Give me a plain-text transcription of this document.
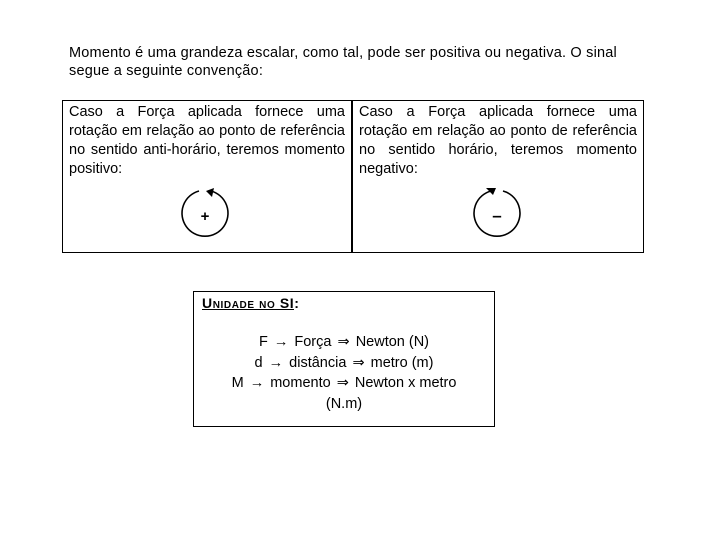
Momento é uma grandeza escalar, como tal, pode ser positiva ou negativa. O sinal
segue a seguinte convenção:
Caso a Força aplicada fornece uma rotação em relação ao ponto de referência no sentido anti-horário, teremos momento positivo:
+
Caso a Força aplicada fornece uma rotação em relação ao ponto de referência no sentido horário, teremos momento negativo:
–
Unidade no SI:
F → Força ⇒ Newton (N)
d → distância ⇒ metro (m)
M → momento ⇒ Newton x metro
(N.m)
